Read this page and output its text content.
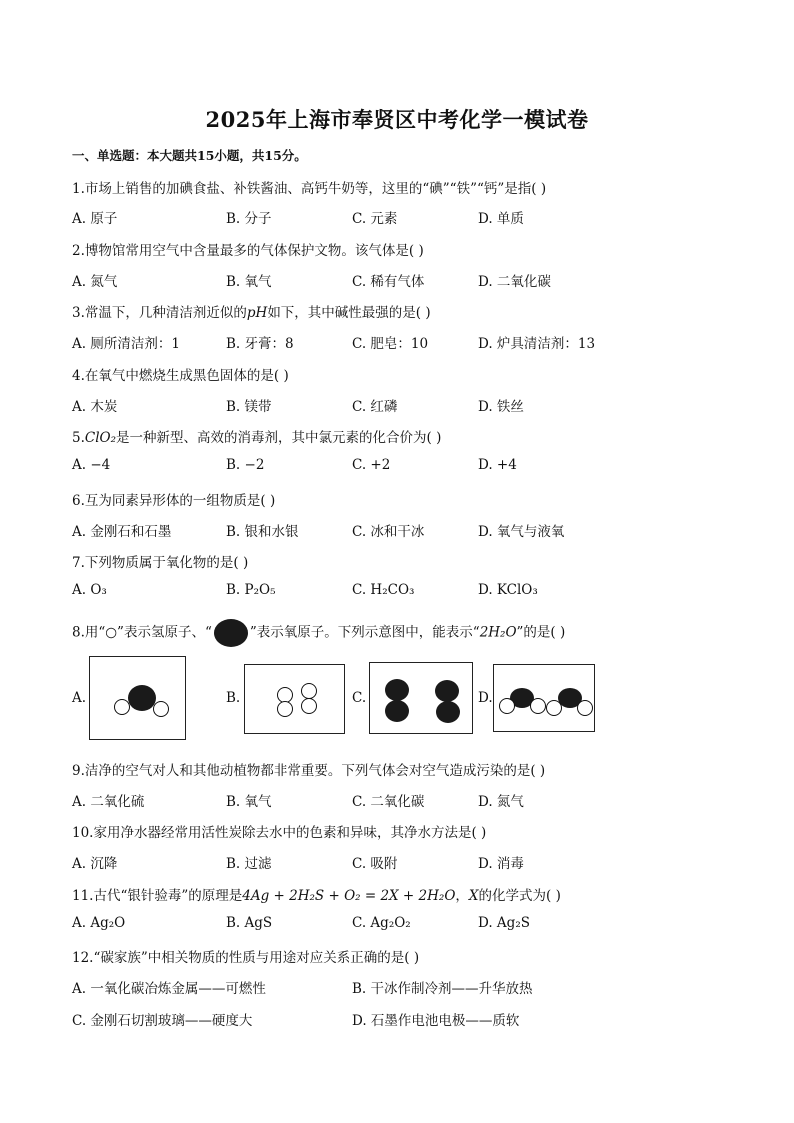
2025年上海市奉贤区中考化学一模试卷
一、单选题：本大题共15小题，共15分。
1.市场上销售的加碘食盐、补铁酱油、高钙牛奶等，这里的“碘”“铁”“钙”是指( )
A. 原子	B. 分子	C. 元素	D. 单质
2.博物馆常用空气中含量最多的气体保护文物。该气体是( )
A. 氮气	B. 氧气	C. 稀有气体	D. 二氧化碳
3.常温下，几种清洁剂近似的pH如下，其中碱性最强的是( )
A. 厕所清洁剂：1	B. 牙膏：8	C. 肥皂：10	D. 炉具清洁剂：13
4.在氧气中燃烧生成黑色固体的是( )
A. 木炭	B. 镁带	C. 红磷	D. 铁丝
5.ClO₂是一种新型、高效的消毒剂，其中氯元素的化合价为( )
A. −4	B. −2	C. +2	D. +4
6.互为同素异形体的一组物质是( )
A. 金刚石和石墨	B. 银和水银	C. 冰和干冰	D. 氧气与液氧
7.下列物质属于氧化物的是( )
A. O₃	B. P₂O₅	C. H₂CO₃	D. KClO₃
8.用“○”表示氢原子、“	”表示氧原子。下列示意图中，能表示“2H₂O”的是( )
A.	B.	C.	D.
9.洁净的空气对人和其他动植物都非常重要。下列气体会对空气造成污染的是( )
A. 二氧化硫	B. 氧气	C. 二氧化碳	D. 氮气
10.家用净水器经常用活性炭除去水中的色素和异味，其净水方法是( )
A. 沉降	B. 过滤	C. 吸附	D. 消毒
11.古代“银针验毒”的原理是4Ag + 2H₂S + O₂ = 2X + 2H₂O，X的化学式为( )
A. Ag₂O	B. AgS	C. Ag₂O₂	D. Ag₂S
12.“碳家族”中相关物质的性质与用途对应关系正确的是( )
A. 一氧化碳冶炼金属——可燃性	B. 干冰作制冷剂——升华放热
C. 金刚石切割玻璃——硬度大	D. 石墨作电池电极——质软
